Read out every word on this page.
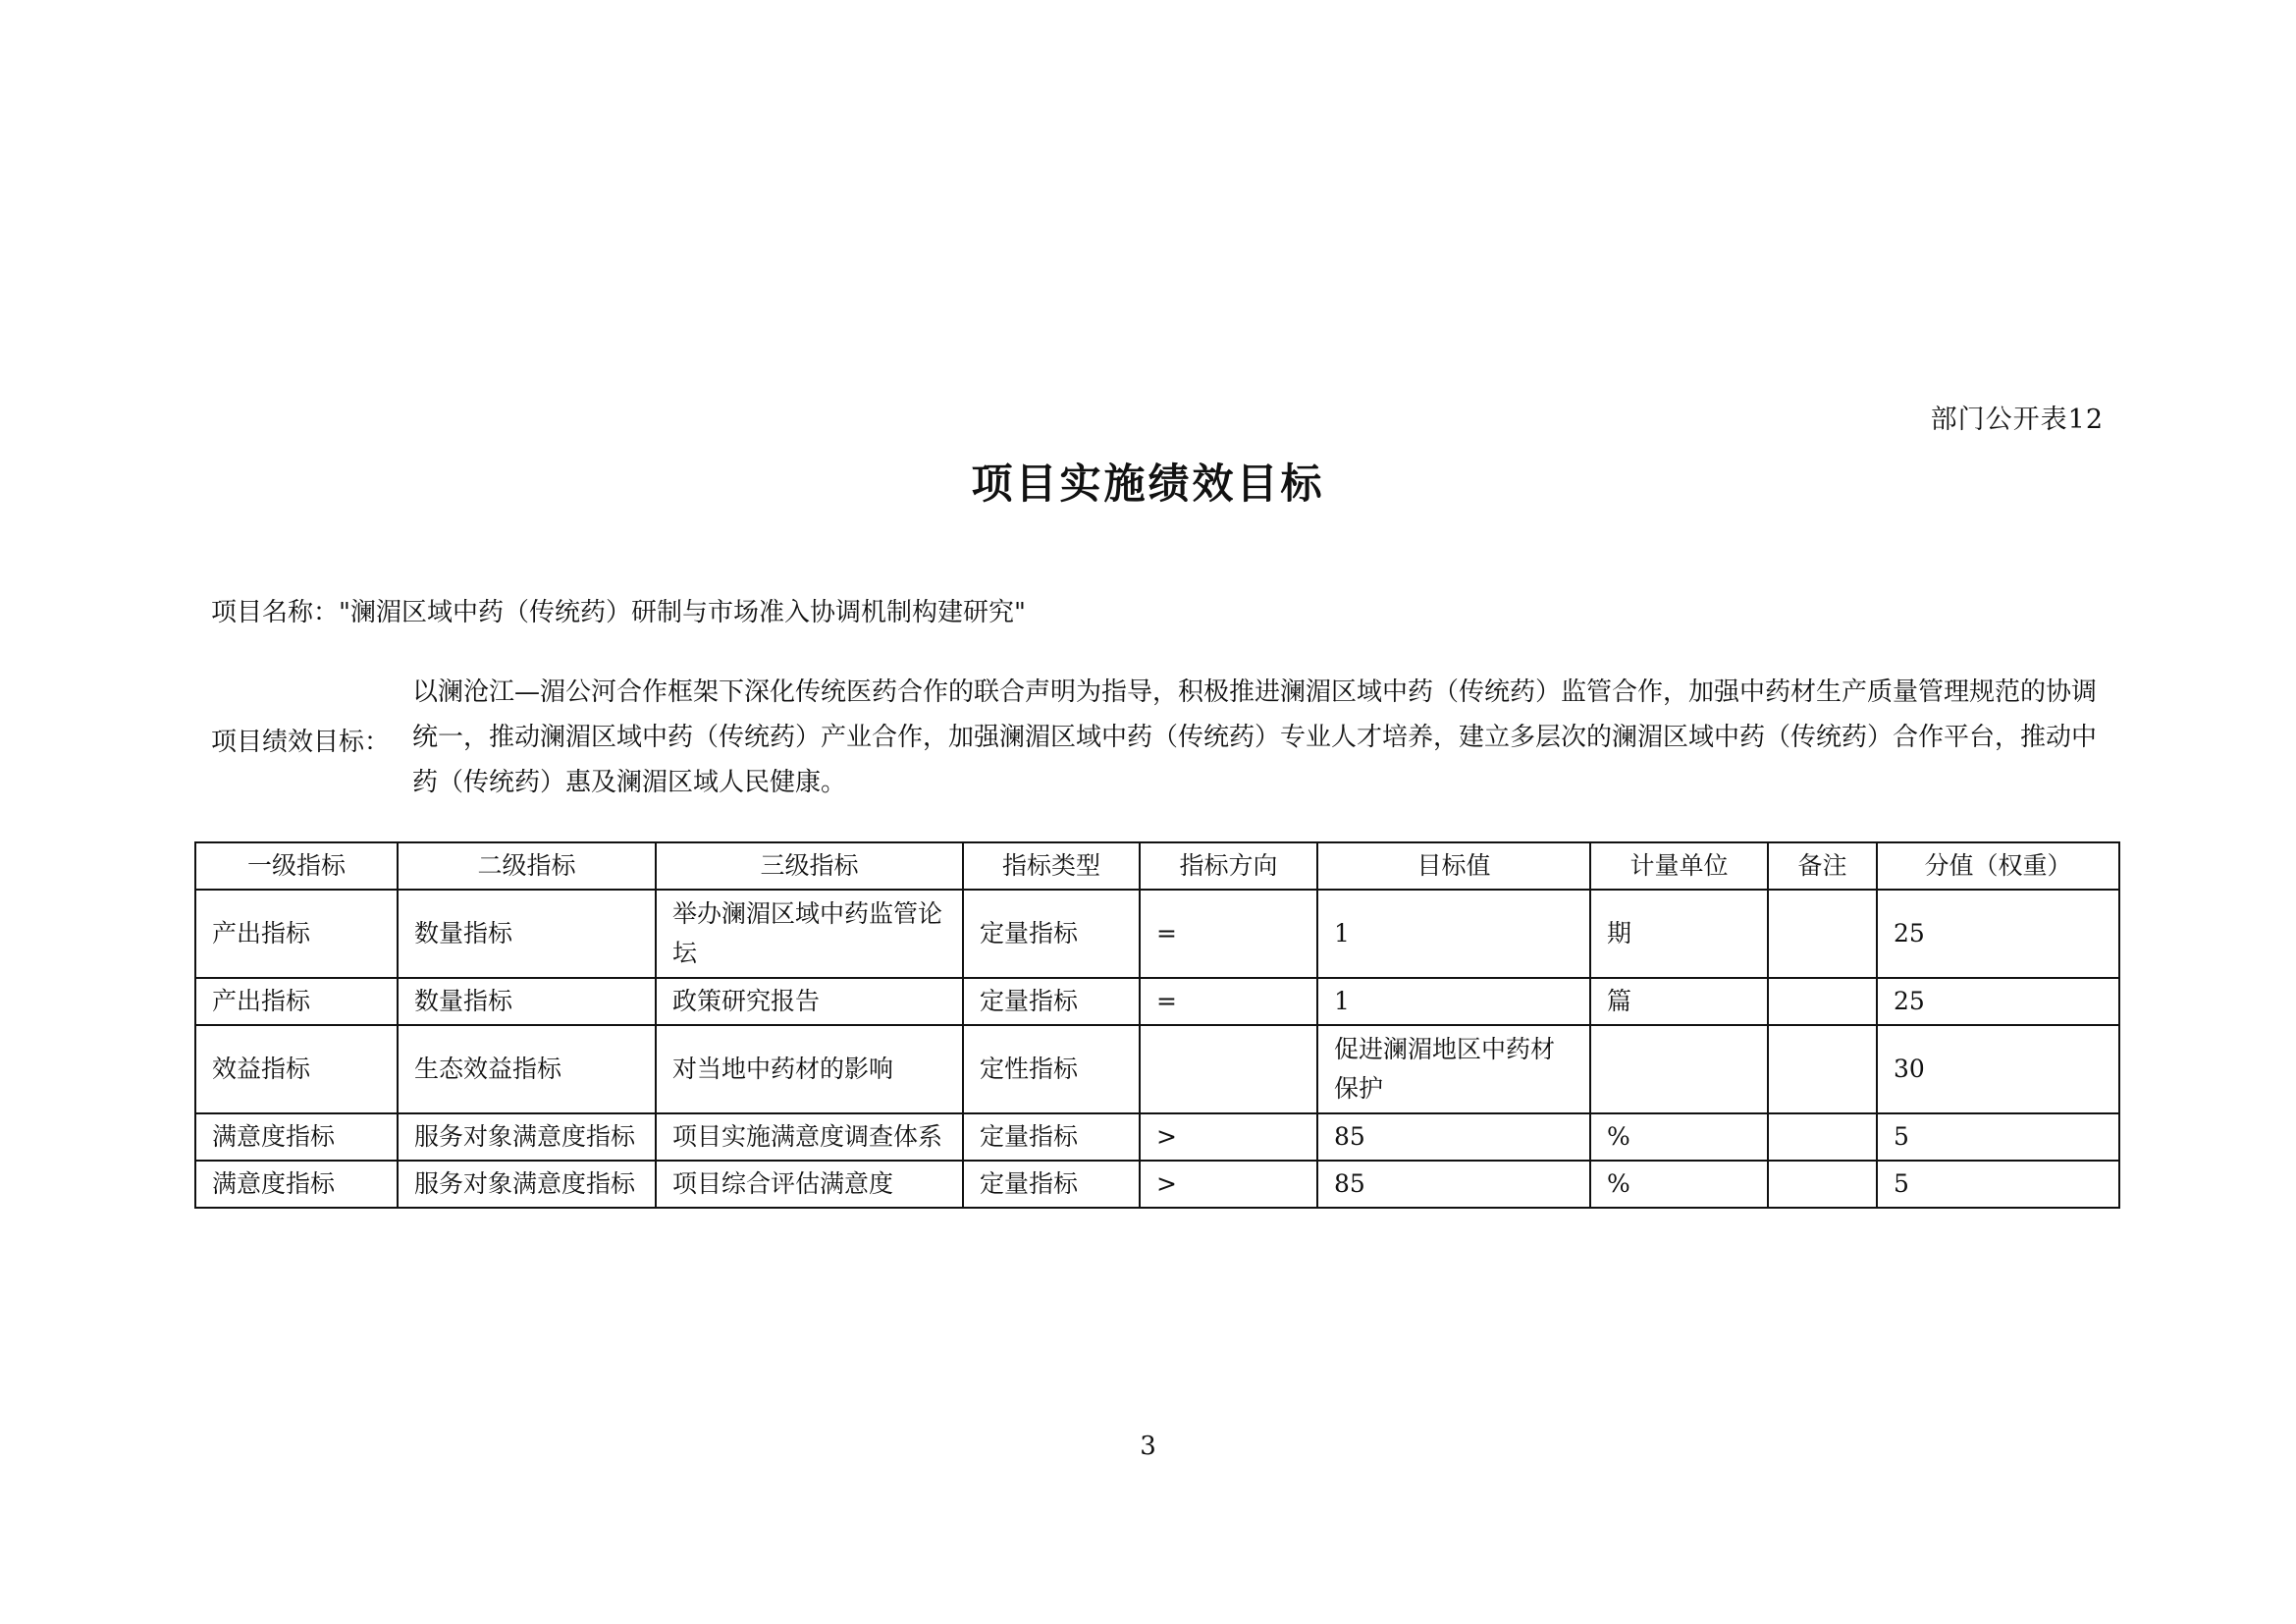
部门公开表12
项目实施绩效目标
项目名称："澜湄区域中药（传统药）研制与市场准入协调机制构建研究"
项目绩效目标：
以澜沧江—湄公河合作框架下深化传统医药合作的联合声明为指导，积极推进澜湄区域中药（传统药）监管合作，加强中药材生产质量管理规范的协调统一，推动澜湄区域中药（传统药）产业合作，加强澜湄区域中药（传统药）专业人才培养，建立多层次的澜湄区域中药（传统药）合作平台，推动中药（传统药）惠及澜湄区域人民健康。
一级指标	二级指标	三级指标	指标类型	指标方向	目标值	计量单位	备注	分值（权重）
产出指标	数量指标	举办澜湄区域中药监管论坛	定量指标	=	1	期		25
产出指标	数量指标	政策研究报告	定量指标	=	1	篇		25
效益指标	生态效益指标	对当地中药材的影响	定性指标		促进澜湄地区中药材保护			30
满意度指标	服务对象满意度指标	项目实施满意度调查体系	定量指标	>	85	%		5
满意度指标	服务对象满意度指标	项目综合评估满意度	定量指标	>	85	%		5
3
